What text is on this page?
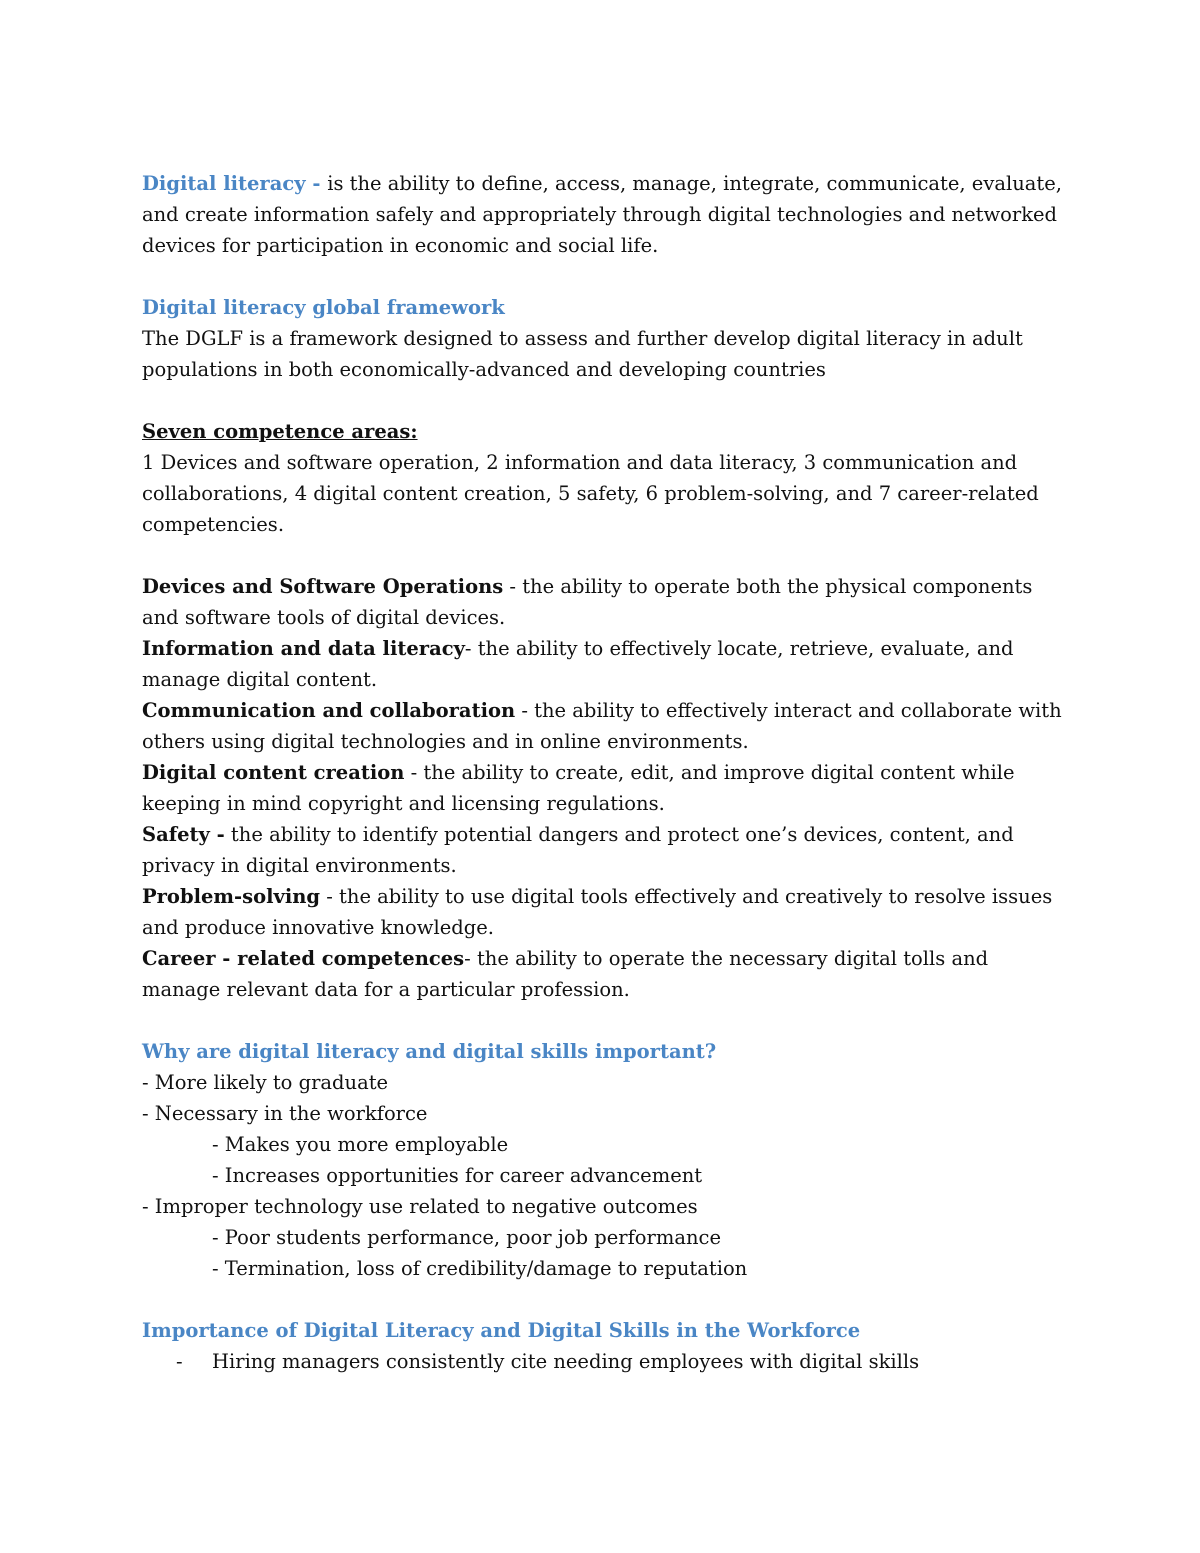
Digital literacy - is the ability to define, access, manage, integrate, communicate, evaluate, and create information safely and appropriately through digital technologies and networked devices for participation in economic and social life.

Digital literacy global framework

The DGLF is a framework designed to assess and further develop digital literacy in adult populations in both economically-advanced and developing countries

Seven competence areas:

1 Devices and software operation, 2 information and data literacy, 3 communication and collaborations, 4 digital content creation, 5 safety, 6 problem-solving, and 7 career-related competencies.

Devices and Software Operations - the ability to operate both the physical components and software tools of digital devices.

Information and data literacy- the ability to effectively locate, retrieve, evaluate, and manage digital content.

Communication and collaboration - the ability to effectively interact and collaborate with others using digital technologies and in online environments.

Digital content creation - the ability to create, edit, and improve digital content while keeping in mind copyright and licensing regulations.

Safety - the ability to identify potential dangers and protect one’s devices, content, and privacy in digital environments.

Problem-solving - the ability to use digital tools effectively and creatively to resolve issues and produce innovative knowledge.

Career - related competences- the ability to operate the necessary digital tolls and manage relevant data for a particular profession.

Why are digital literacy and digital skills important?

- More likely to graduate

- Necessary in the workforce

- Makes you more employable

- Increases opportunities for career advancement

- Improper technology use related to negative outcomes

- Poor students performance, poor job performance

- Termination, loss of credibility/damage to reputation

Importance of Digital Literacy and Digital Skills in the Workforce

-	Hiring managers consistently cite needing employees with digital skills
